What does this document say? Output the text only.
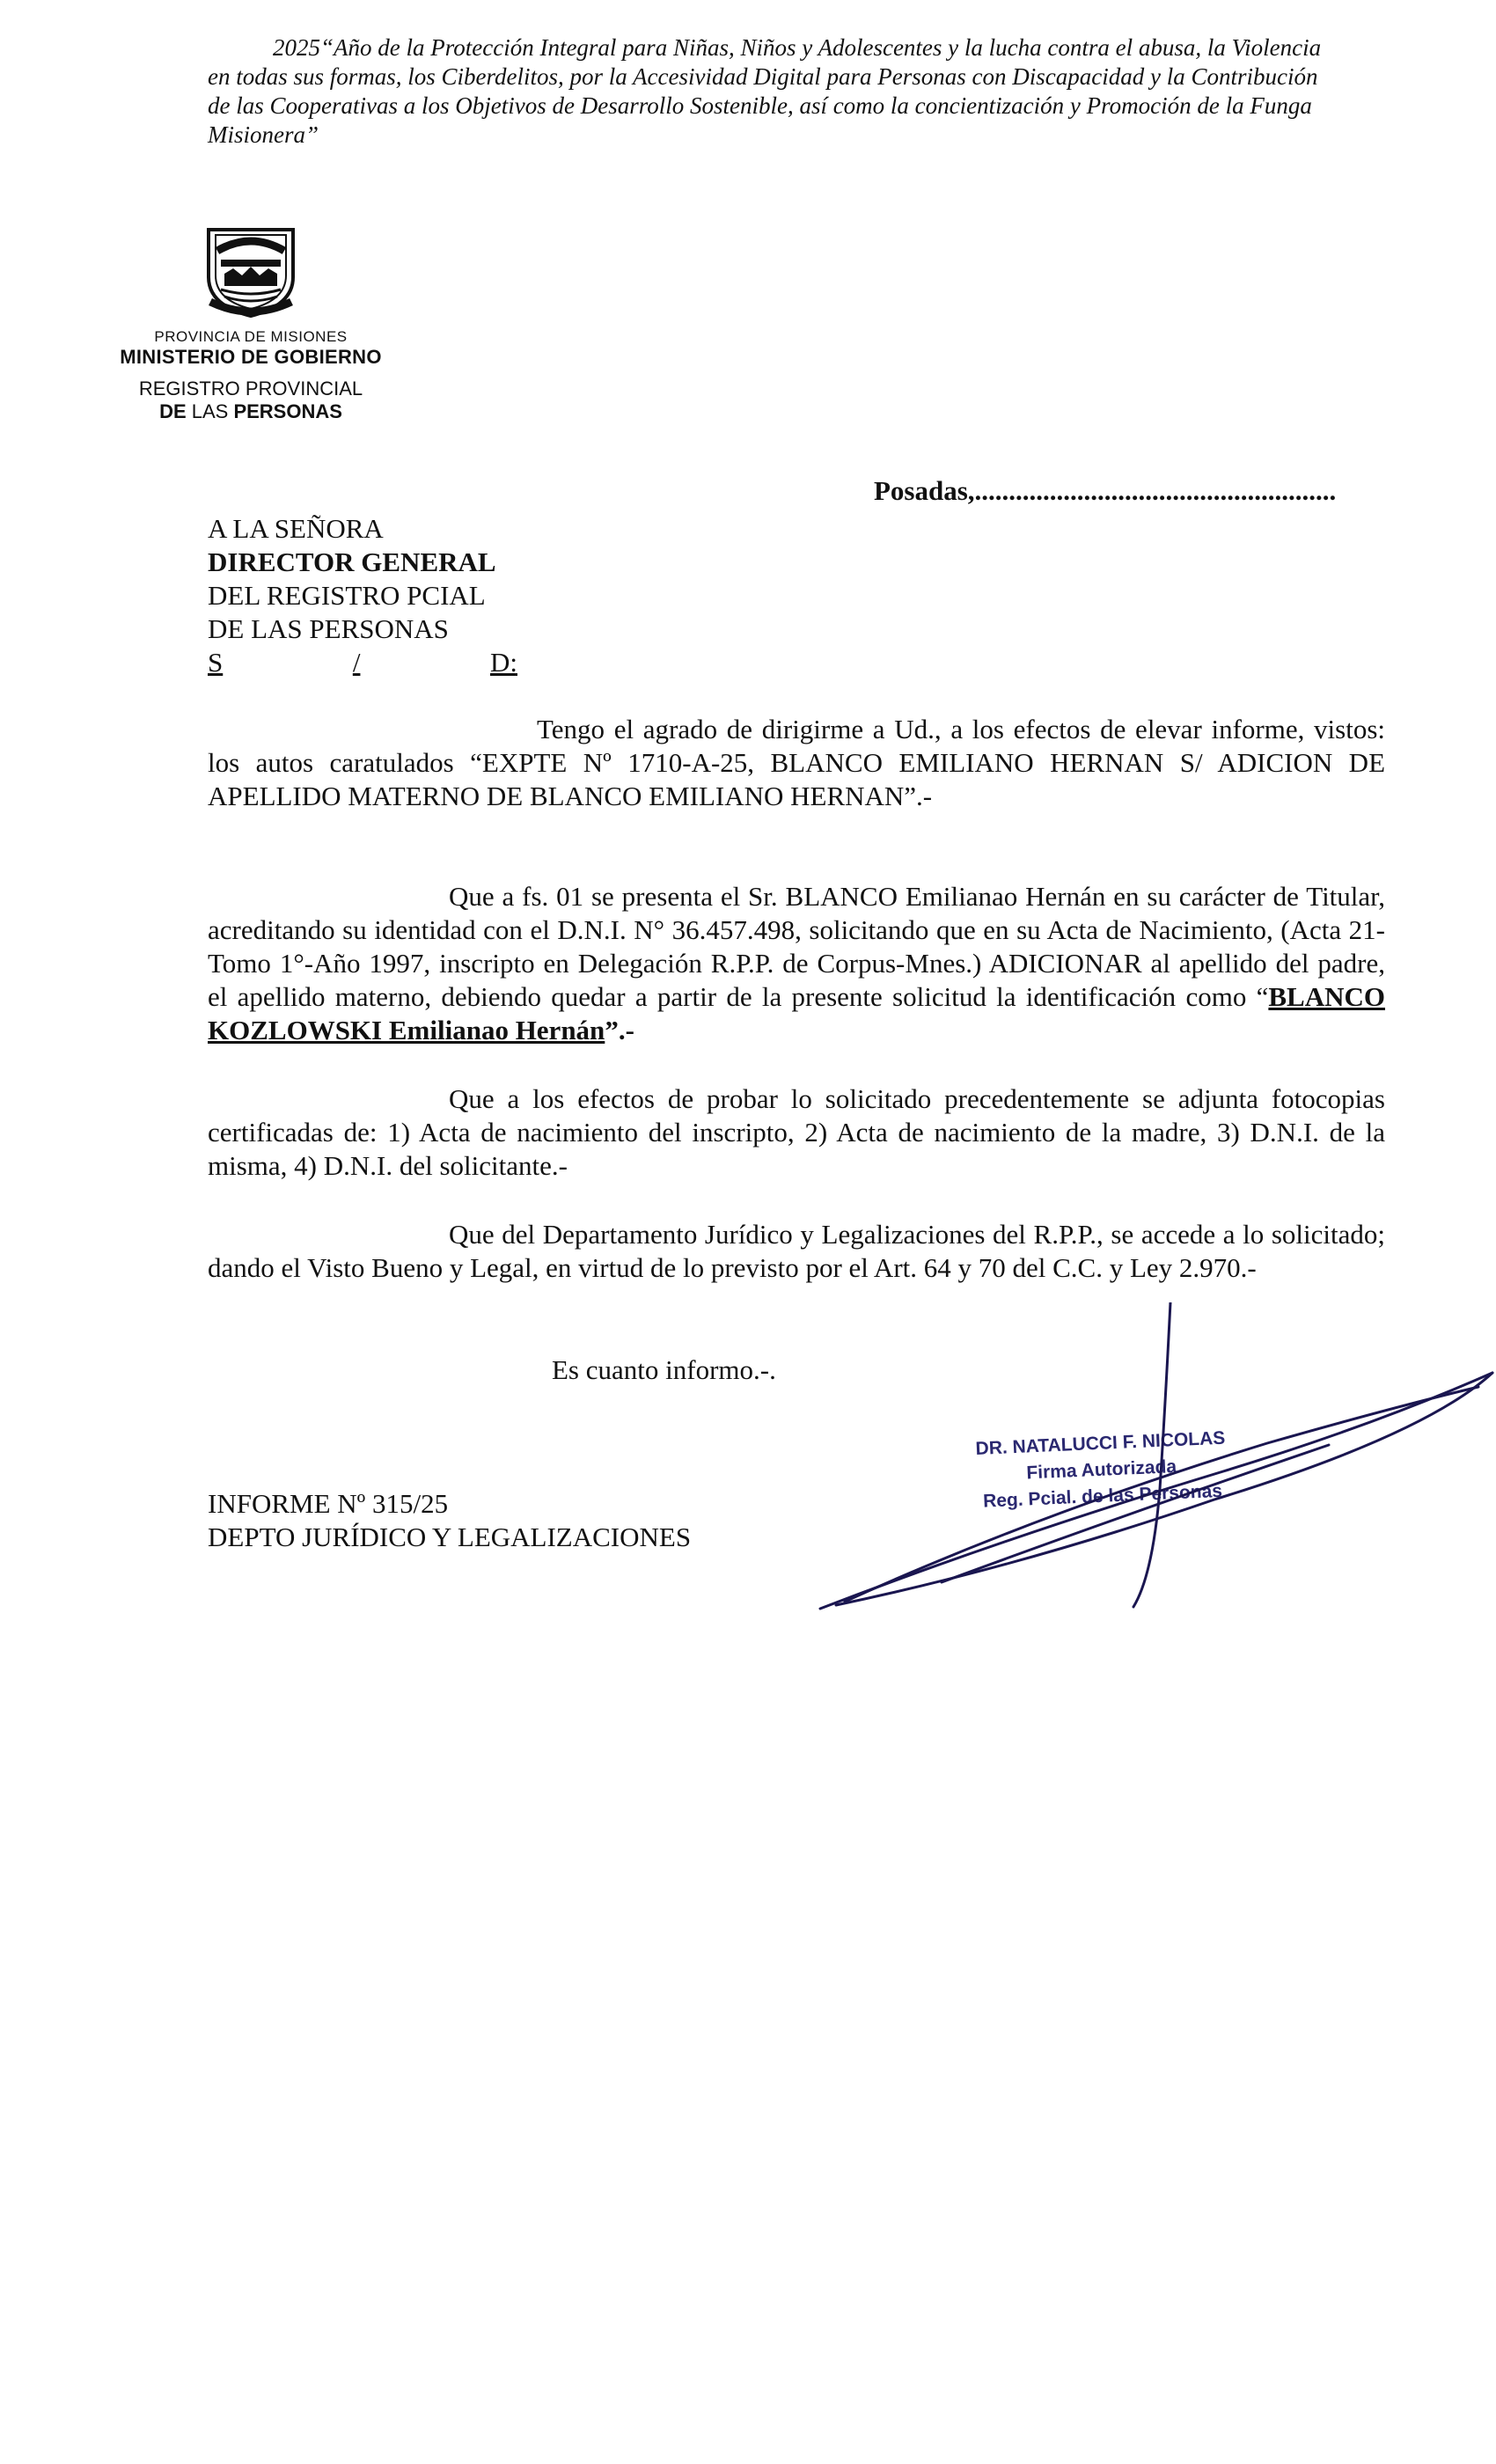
2025“Año de la Protección Integral para Niñas, Niños y Adolescentes y la lucha contra el abusa, la Violencia
en todas sus formas, los Ciberdelitos, por la Accesividad Digital para Personas con Discapacidad y la Contribución
de las Cooperativas a los Objetivos de Desarrollo Sostenible, así como la concientización y Promoción de la Funga
Misionera”
PROVINCIA DE MISIONES
MINISTERIO DE GOBIERNO
REGISTRO PROVINCIAL
DE LAS PERSONAS
Posadas,.....................................................
A LA SEÑORA
DIRECTOR GENERAL
DEL REGISTRO PCIAL
DE LAS PERSONAS
S	/	D:
Tengo el agrado de dirigirme a Ud., a los efectos de elevar informe, vistos: los autos caratulados “EXPTE Nº 1710-A-25, BLANCO EMILIANO HERNAN S/ ADICION DE APELLIDO MATERNO DE BLANCO EMILIANO HERNAN”.-
Que a fs. 01 se presenta el Sr. BLANCO Emilianao Hernán en su carácter de Titular, acreditando su identidad con el D.N.I. N° 36.457.498, solicitando que en su Acta de Nacimiento, (Acta 21-Tomo 1°-Año 1997, inscripto en Delegación R.P.P. de Corpus-Mnes.) ADICIONAR al apellido del padre, el apellido materno, debiendo quedar a partir de la presente solicitud la identificación como “BLANCO KOZLOWSKI Emilianao Hernán”.-
Que a los efectos de probar lo solicitado precedentemente se adjunta fotocopias certificadas de: 1) Acta de nacimiento del inscripto, 2) Acta de nacimiento de la madre, 3) D.N.I. de la misma, 4) D.N.I. del solicitante.-
Que del Departamento Jurídico y Legalizaciones del R.P.P., se accede a lo solicitado; dando el Visto Bueno y Legal, en virtud de lo previsto por el Art. 64 y 70 del C.C. y Ley 2.970.-
Es cuanto informo.-.
INFORME Nº 315/25
DEPTO JURÍDICO Y LEGALIZACIONES
DR. NATALUCCI F. NICOLAS
Firma Autorizada
Reg. Pcial. de las Personas
